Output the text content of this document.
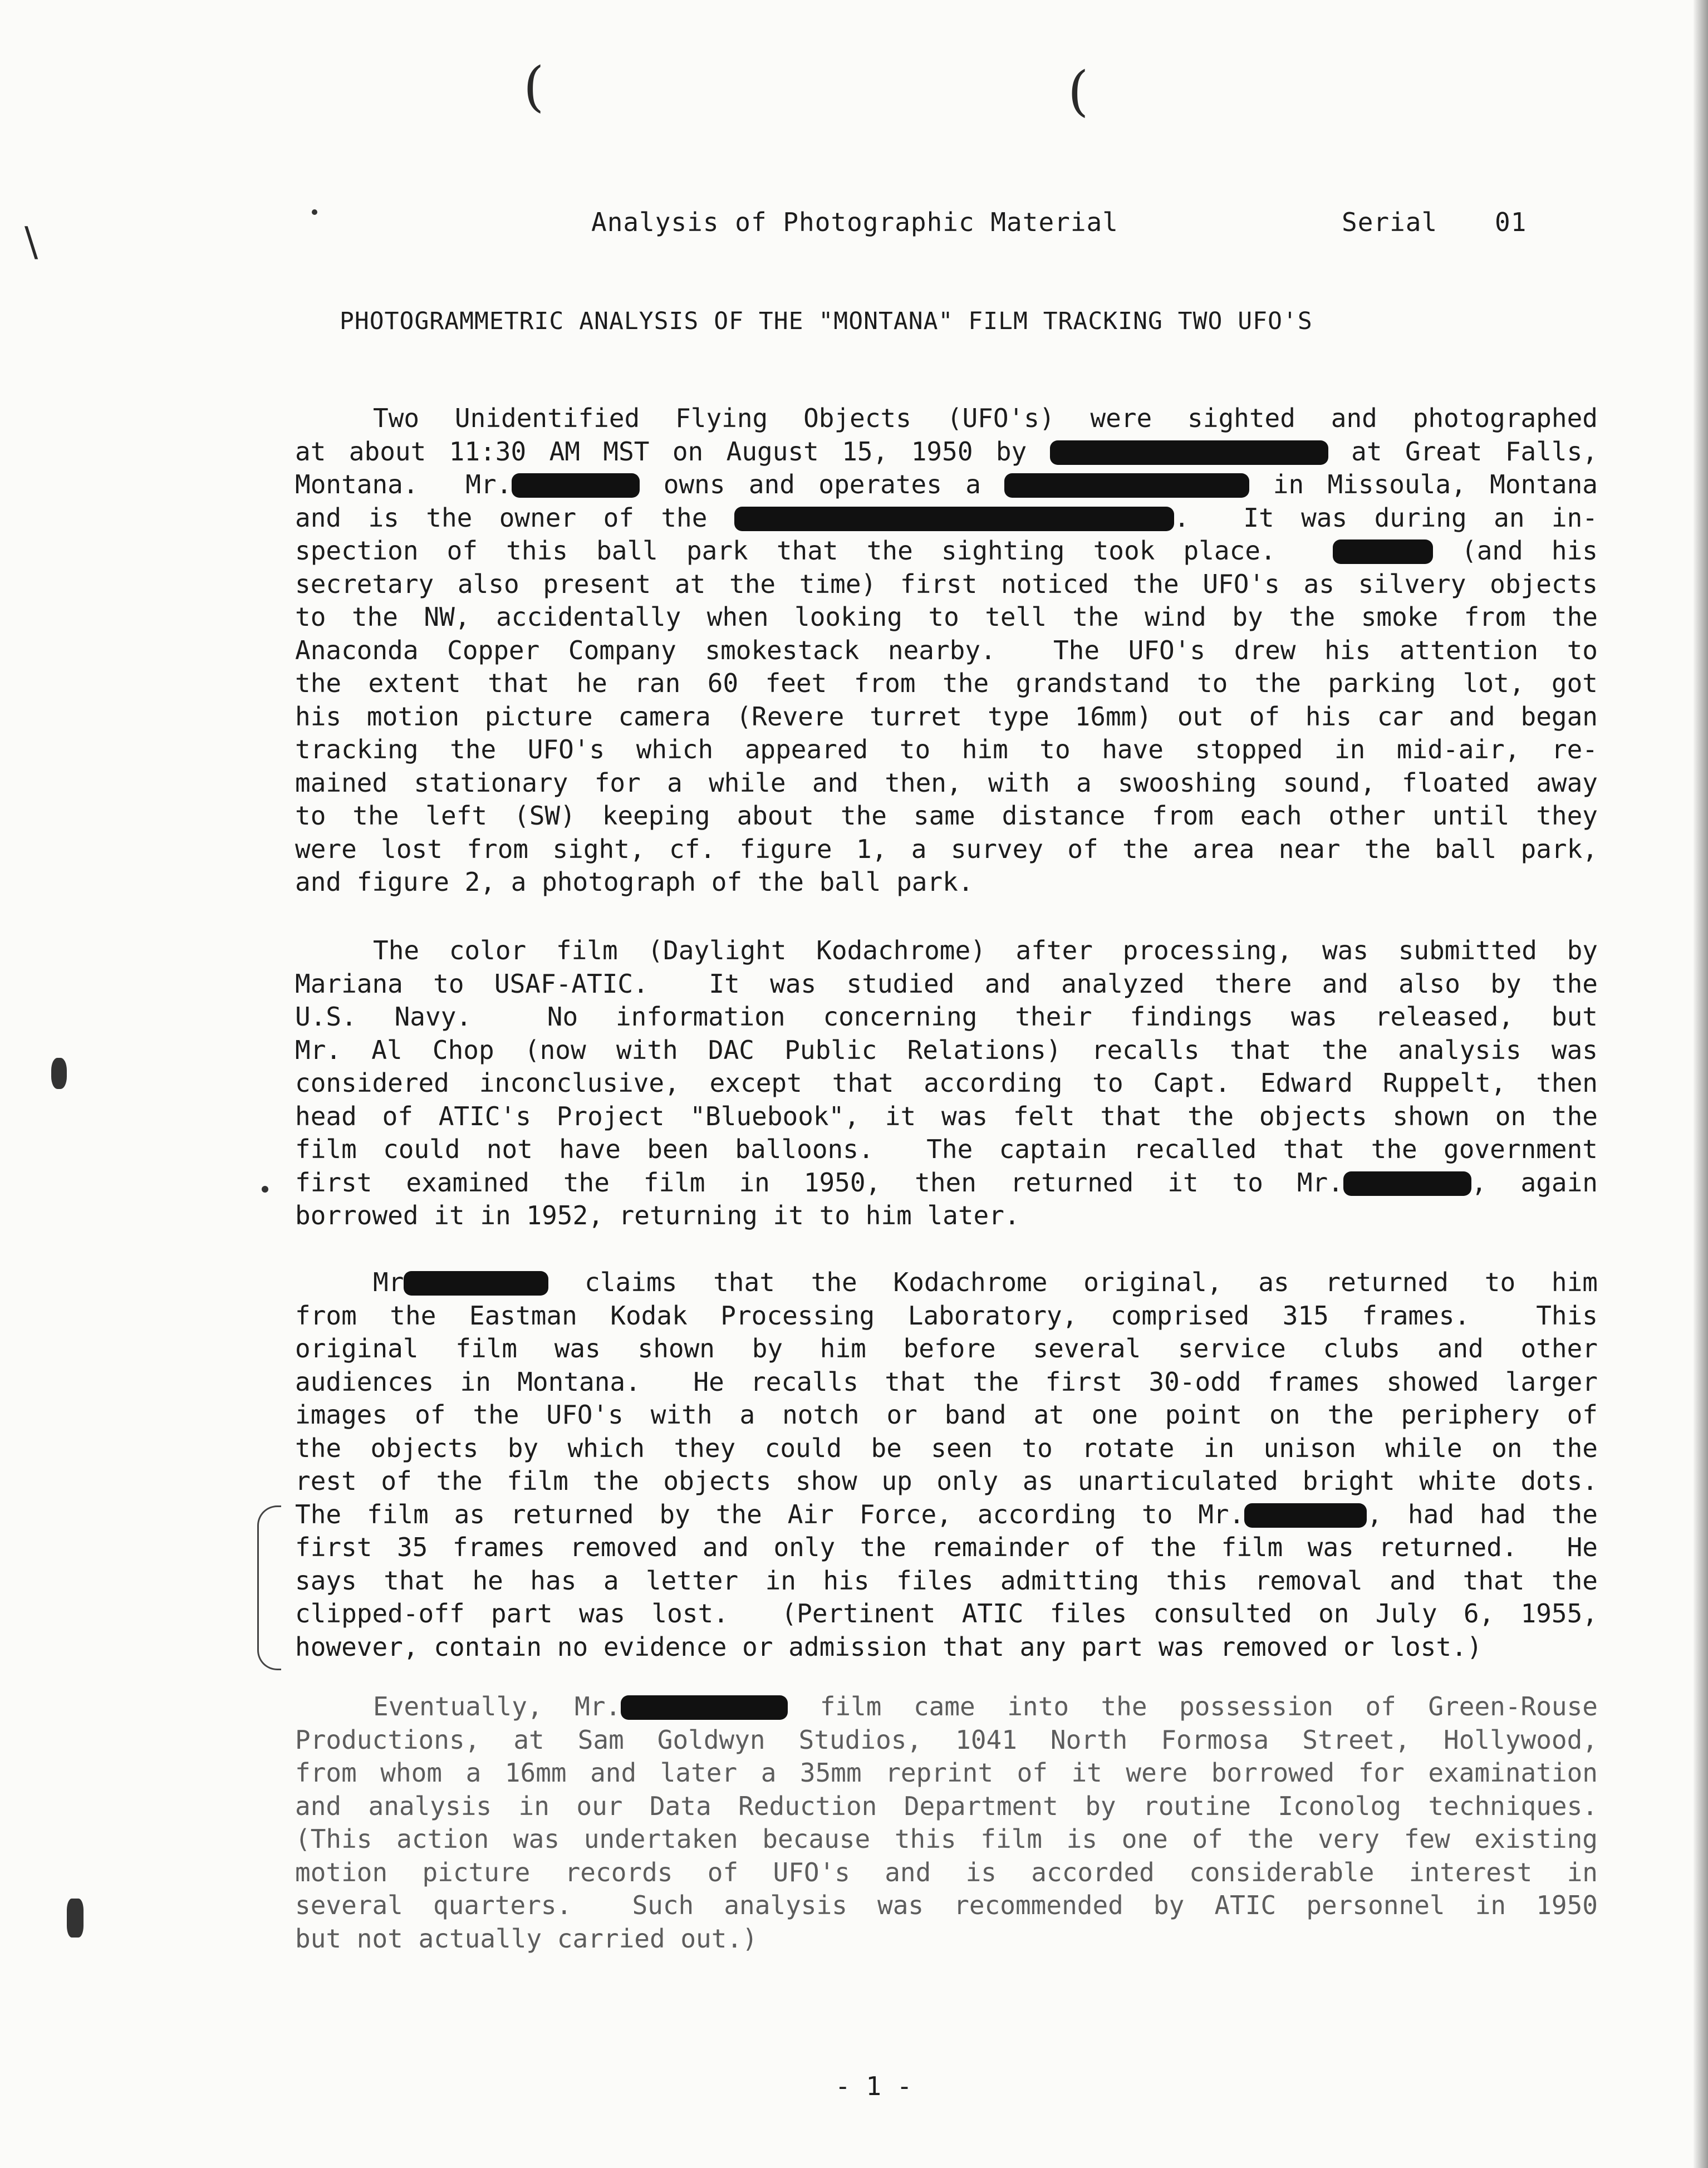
(	(
\	Analysis of Photographic Material	Serial 01
PHOTOGRAMMETRIC ANALYSIS OF THE "MONTANA" FILM TRACKING TWO UFO'S
Two Unidentified Flying Objects (UFO's) were sighted and photographed
at about 11:30 AM MST on August 15, 1950 by	at Great Falls,
Montana.  Mr.	owns and operates a	in Missoula, Montana
and is the owner of the	.  It was during an in-
spection of this ball park that the sighting took place.	(and his
secretary also present at the time) first noticed the UFO's as silvery objects
to the NW, accidentally when looking to tell the wind by the smoke from the
Anaconda Copper Company smokestack nearby.  The UFO's drew his attention to
the extent that he ran 60 feet from the grandstand to the parking lot, got
his motion picture camera (Revere turret type 16mm) out of his car and began
tracking the UFO's which appeared to him to have stopped in mid-air, re-
mained stationary for a while and then, with a swooshing sound, floated away
to the left (SW) keeping about the same distance from each other until they
were lost from sight, cf. figure 1, a survey of the area near the ball park,
and figure 2, a photograph of the ball park.
The color film (Daylight Kodachrome) after processing, was submitted by
Mariana to USAF-ATIC.  It was studied and analyzed there and also by the
U.S. Navy.  No information concerning their findings was released, but
Mr. Al Chop (now with DAC Public Relations) recalls that the analysis was
considered inconclusive, except that according to Capt. Edward Ruppelt, then
head of ATIC's Project "Bluebook", it was felt that the objects shown on the
film could not have been balloons.  The captain recalled that the government
first examined the film in 1950, then returned it to Mr.	, again
borrowed it in 1952, returning it to him later.
Mr	claims that the Kodachrome original, as returned to him
from the Eastman Kodak Processing Laboratory, comprised 315 frames.  This
original film was shown by him before several service clubs and other
audiences in Montana.  He recalls that the first 30-odd frames showed larger
images of the UFO's with a notch or band at one point on the periphery of
the objects by which they could be seen to rotate in unison while on the
rest of the film the objects show up only as unarticulated bright white dots.
The film as returned by the Air Force, according to Mr.	, had had the
first 35 frames removed and only the remainder of the film was returned.  He
says that he has a letter in his files admitting this removal and that the
clipped-off part was lost.  (Pertinent ATIC files consulted on July 6, 1955,
however, contain no evidence or admission that any part was removed or lost.)
Eventually, Mr.	film came into the possession of Green-Rouse
Productions, at Sam Goldwyn Studios, 1041 North Formosa Street, Hollywood,
from whom a 16mm and later a 35mm reprint of it were borrowed for examination
and analysis in our Data Reduction Department by routine Iconolog techniques.
(This action was undertaken because this film is one of the very few existing
motion picture records of UFO's and is accorded considerable interest in
several quarters.  Such analysis was recommended by ATIC personnel in 1950
but not actually carried out.)
- 1 -
